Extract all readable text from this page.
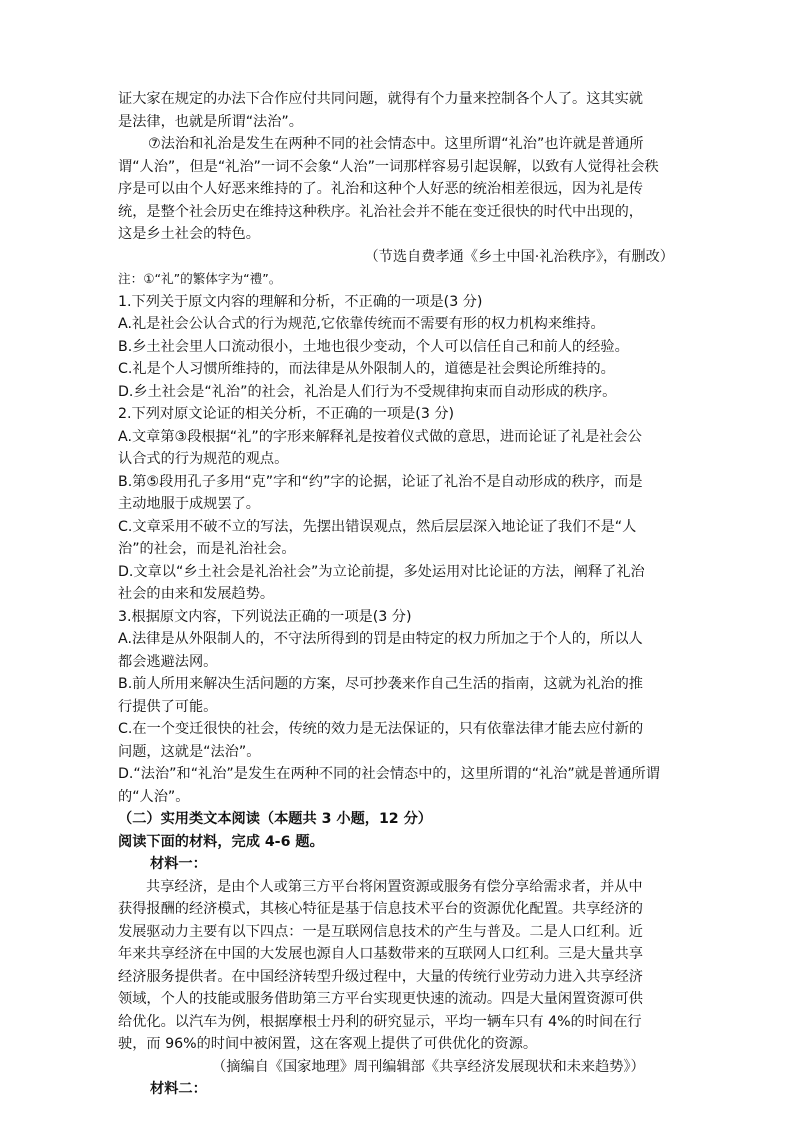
证大家在规定的办法下合作应付共同问题，就得有个力量来控制各个人了。这其实就

是法律，也就是所谓“法治”。

⑦法治和礼治是发生在两种不同的社会情态中。这里所谓“礼治”也许就是普通所

谓“人治”，但是“礼治”一词不会象“人治”一词那样容易引起误解，以致有人觉得社会秩

序是可以由个人好恶来维持的了。礼治和这种个人好恶的统治相差很远，因为礼是传

统，是整个社会历史在维持这种秩序。礼治社会并不能在变迁很快的时代中出现的，

这是乡土社会的特色。

（节选自费孝通《乡土中国·礼治秩序》，有删改）

注：①“礼”的繁体字为“禮”。

1.下列关于原文内容的理解和分析，不正确的一项是(3 分)

A.礼是社会公认合式的行为规范,它依靠传统而不需要有形的权力机构来维持。

B.乡土社会里人口流动很小，土地也很少变动，个人可以信任自己和前人的经验。

C.礼是个人习惯所维持的，而法律是从外限制人的，道德是社会舆论所维持的。

D.乡土社会是“礼治”的社会，礼治是人们行为不受规律拘束而自动形成的秩序。

2.下列对原文论证的相关分析，不正确的一项是(3 分)

A.文章第③段根据“礼”的字形来解释礼是按着仪式做的意思，进而论证了礼是社会公

认合式的行为规范的观点。

B.第⑤段用孔子多用“克”字和“约”字的论据，论证了礼治不是自动形成的秩序，而是

主动地服于成规罢了。

C.文章采用不破不立的写法，先摆出错误观点，然后层层深入地论证了我们不是“人

治”的社会，而是礼治社会。

D.文章以“乡土社会是礼治社会”为立论前提，多处运用对比论证的方法，阐释了礼治

社会的由来和发展趋势。

3.根据原文内容，下列说法正确的一项是(3 分)

A.法律是从外限制人的，不守法所得到的罚是由特定的权力所加之于个人的，所以人

都会逃避法网。

B.前人所用来解决生活问题的方案，尽可抄袭来作自己生活的指南，这就为礼治的推

行提供了可能。

C.在一个变迁很快的社会，传统的效力是无法保证的，只有依靠法律才能去应付新的

问题，这就是“法治”。

D.“法治”和“礼治”是发生在两种不同的社会情态中的，这里所谓的“礼治”就是普通所谓

的“人治”。

（二）实用类文本阅读（本题共 3 小题，12 分）

阅读下面的材料，完成 4-6 题。

材料一：

共享经济，是由个人或第三方平台将闲置资源或服务有偿分享给需求者，并从中

获得报酬的经济模式，其核心特征是基于信息技术平台的资源优化配置。共享经济的

发展驱动力主要有以下四点：一是互联网信息技术的产生与普及。二是人口红利。近

年来共享经济在中国的大发展也源自人口基数带来的互联网人口红利。三是大量共享

经济服务提供者。在中国经济转型升级过程中，大量的传统行业劳动力进入共享经济

领域，个人的技能或服务借助第三方平台实现更快速的流动。四是大量闲置资源可供

给优化。以汽车为例，根据摩根士丹利的研究显示，平均一辆车只有 4%的时间在行

驶，而 96%的时间中被闲置，这在客观上提供了可供优化的资源。

（摘编自《国家地理》周刊编辑部《共享经济发展现状和未来趋势》）

材料二：
